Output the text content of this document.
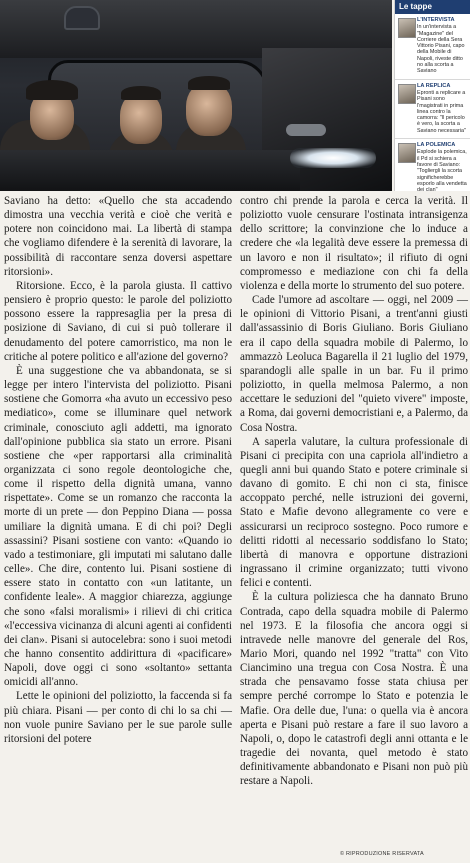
Le tappe
L'INTERVISTA
In un'intervista a "Magazine" del Corriere della Sera Vittorio Pisani, capo della Mobile di Napoli, riveste ditto no alla scorta a Saviano
LA REPLICA
Epronti a replicare a Pisani sono l'magistrati in prima linea contro la camorra: "Il pericolo è vero, la scorta a Saviano necessaria"
LA POLEMICA
Esplode la polemica, il Pd si schiera a favore di Saviano: "Togliergli la scorta significherebbe esporlo alla vendetta dei clan"

Saviano ha detto: «Quello che sta accadendo dimostra una vecchia verità e cioè che verità e potere non coincidono mai. La libertà di stampa che vogliamo difendere è la serenità di lavorare, la possibilità di raccontare senza doversi aspettare ritorsioni».

Ritorsione. Ecco, è la parola giusta. Il cattivo pensiero è proprio questo: le parole del poliziotto possono essere la rappresaglia per la presa di posizione di Saviano, di cui si può tollerare il denudamento del potere camorristico, ma non le critiche al potere politico e all'azione del governo?

È una suggestione che va abbandonata, se si legge per intero l'intervista del poliziotto. Pisani sostiene che Gomorra «ha avuto un eccessivo peso mediatico», come se illuminare quel network criminale, conosciuto agli addetti, ma ignorato dall'opinione pubblica sia stato un errore. Pisani sostiene che «per rapportarsi alla criminalità organizzata ci sono regole deontologiche che, come il rispetto della dignità umana, vanno rispettate». Come se un romanzo che racconta la morte di un prete — don Peppino Diana — possa umiliare la dignità umana. E di chi poi? Degli assassini? Pisani sostiene con vanto: «Quando io vado a testimoniare, gli imputati mi salutano dalle celle». Che dire, contento lui. Pisani sostiene di essere stato in contatto con «un latitante, un confidente leale». A maggior chiarezza, aggiunge che sono «falsi moralismi» i rilievi di chi critica «l'eccessiva vicinanza di alcuni agenti ai confidenti dei clan». Pisani si autocelebra: sono i suoi metodi che hanno consentito addirittura di «pacificare» Napoli, dove oggi ci sono «soltanto» settanta omicidi all'anno.

Lette le opinioni del poliziotto, la faccenda si fa più chiara. Pisani — per conto di chi lo sa chi — non vuole punire Saviano per le sue parole sulle ritorsioni del potere

contro chi prende la parola e cerca la verità. Il poliziotto vuole censurare l'ostinata intransigenza dello scrittore; la convinzione che lo induce a credere che «la legalità deve essere la premessa di un lavoro e non il risultato»; il rifiuto di ogni compromesso e mediazione con chi fa della violenza e della morte lo strumento del suo potere.

Cade l'umore ad ascoltare — oggi, nel 2009 — le opinioni di Vittorio Pisani, a trent'anni giusti dall'assassinio di Boris Giuliano. Boris Giuliano era il capo della squadra mobile di Palermo, lo ammazzò Leoluca Bagarella il 21 luglio del 1979, sparandogli alle spalle in un bar. Fu il primo poliziotto, in quella melmosa Palermo, a non accettare le seduzioni del "quieto vivere" imposte, a Roma, dai governi democristiani e, a Palermo, da Cosa Nostra.

A saperla valutare, la cultura professionale di Pisani ci precipita con una capriola all'indietro a quegli anni bui quando Stato e potere criminale si davano di gomito. E chi non ci sta, finisce accoppato perché, nelle istruzioni dei governi, Stato e Mafie devono allegramente co vere e assicurarsi un reciproco sostegno. Poco rumore e delitti ridotti al necessario soddisfano lo Stato; libertà di manovra e opportune distrazioni ingrassano il crimine organizzato; tutti vivono felici e contenti.

È la cultura poliziesca che ha dannato Bruno Contrada, capo della squadra mobile di Palermo nel 1973. E la filosofia che ancora oggi si intravede nelle manovre del generale del Ros, Mario Mori, quando nel 1992 "tratta" con Vito Ciancimino una tregua con Cosa Nostra. È una strada che pensavamo fosse stata chiusa per sempre perché corrompe lo Stato e potenzia le Mafie. Ora delle due, l'una: o quella via è ancora aperta e Pisani può restare a fare il suo lavoro a Napoli, o, dopo le catastrofi degli anni ottanta e le tragedie dei novanta, quel metodo è stato definitivamente abbandonato e Pisani non può più restare a Napoli.

© RIPRODUZIONE RISERVATA
